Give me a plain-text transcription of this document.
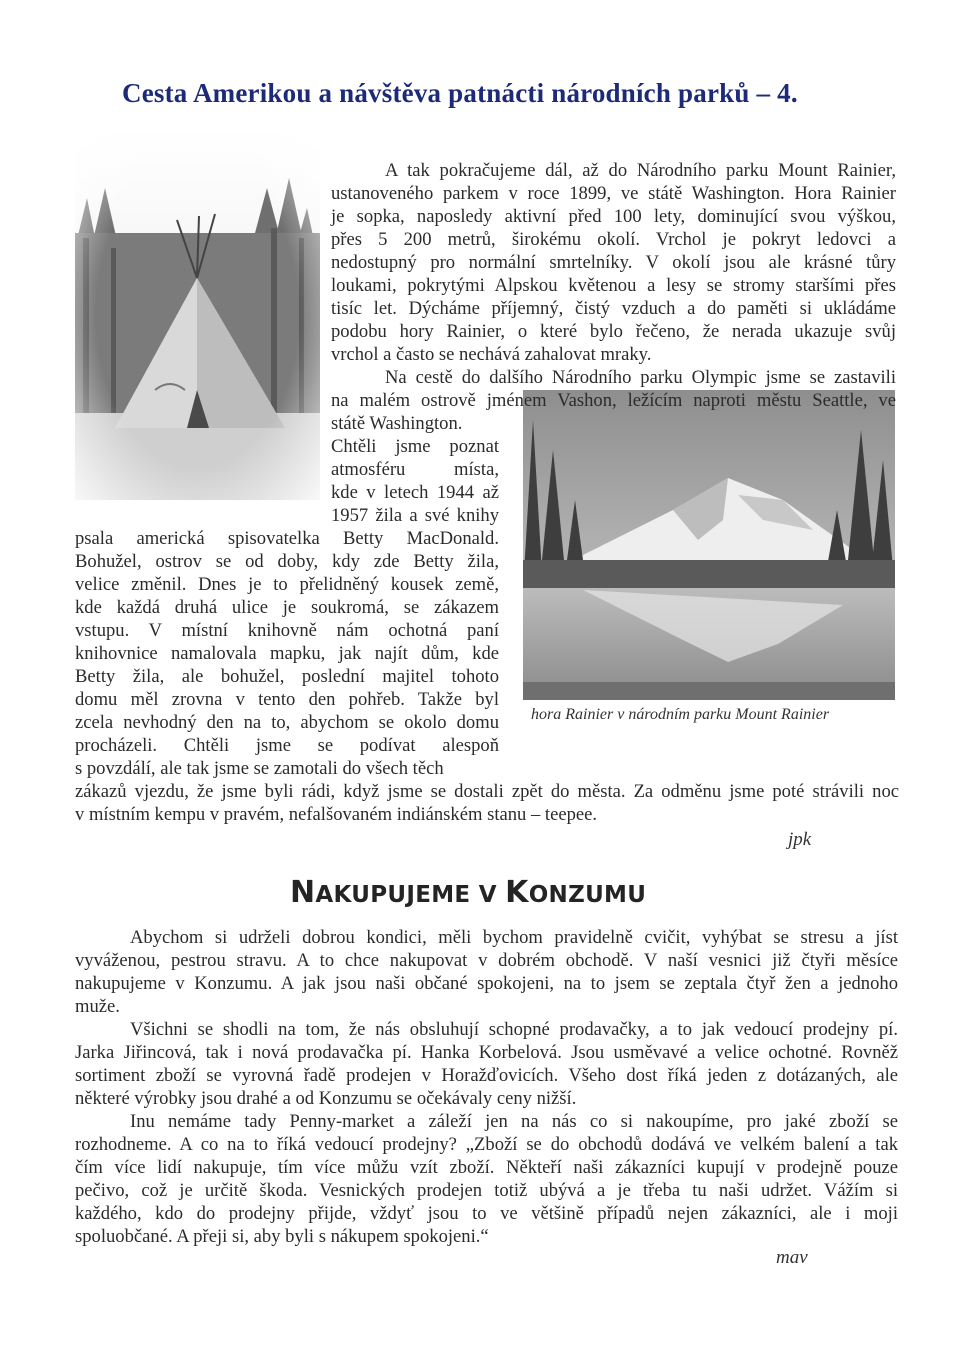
Cesta Amerikou a návštěva patnácti národních parků – 4.
A tak pokračujeme dál, až do Národního parku Mount Rainier,
ustanoveného parkem v roce 1899, ve státě Washington. Hora Rainier
je sopka, naposledy aktivní před 100 lety, dominující svou výškou,
přes 5 200 metrů, širokému okolí. Vrchol je pokryt ledovci a
nedostupný pro normální smrtelníky. V okolí jsou ale krásné tůry
loukami, pokrytými Alpskou květenou a lesy se stromy staršími přes
tisíc let. Dýcháme příjemný, čistý vzduch a do paměti si ukládáme
podobu hory Rainier, o které bylo řečeno, že nerada ukazuje svůj
vrchol a často se nechává zahalovat mraky.
Na cestě do dalšího Národního parku Olympic jsme se zastavili
na malém ostrově jménem Vashon, ležícím naproti městu Seattle, ve
státě Washington.
Chtěli jsme poznat
atmosféru místa,
kde v letech 1944 až
1957 žila a své knihy
psala americká spisovatelka Betty MacDonald.
Bohužel, ostrov se od doby, kdy zde Betty žila,
velice změnil. Dnes je to přelidněný kousek země,
kde každá druhá ulice je soukromá, se zákazem
vstupu. V místní knihovně nám ochotná paní
knihovnice namalovala mapku, jak najít dům, kde
Betty žila, ale bohužel, poslední majitel tohoto
domu měl zrovna v tento den pohřeb. Takže byl
zcela nevhodný den na to, abychom se okolo domu
procházeli. Chtěli jsme se podívat alespoň
s povzdálí, ale tak jsme se zamotali do všech těch
zákazů vjezdu, že jsme byli rádi, když jsme se dostali zpět do města. Za odměnu jsme poté strávili noc
v místním kempu v pravém, nefalšovaném indiánském stanu – teepee.
hora Rainier v národním parku Mount Rainier
jpk
NAKUPUJEME V KONZUMU
Abychom si udrželi dobrou kondici, měli bychom pravidelně cvičit, vyhýbat se stresu a jíst
vyváženou, pestrou stravu. A to chce nakupovat v dobrém obchodě. V naší vesnici již čtyři měsíce
nakupujeme v Konzumu. A jak jsou naši občané spokojeni, na to jsem se zeptala čtyř žen a jednoho
muže.
Všichni se shodli na tom, že nás obsluhují schopné prodavačky, a to jak vedoucí prodejny pí.
Jarka Jiřincová, tak i nová prodavačka pí. Hanka Korbelová. Jsou usměvavé a velice ochotné. Rovněž
sortiment zboží se vyrovná řadě prodejen v Horažďovicích. Všeho dost říká jeden z dotázaných, ale
některé výrobky jsou drahé a od Konzumu se očekávaly ceny nižší.
Inu nemáme tady Penny-market a záleží jen na nás co si nakoupíme, pro jaké zboží se
rozhodneme. A co na to říká vedoucí prodejny? „Zboží se do obchodů dodává ve velkém balení a tak
čím více lidí nakupuje, tím více můžu vzít zboží. Někteří naši zákazníci kupují v prodejně pouze
pečivo, což je určitě škoda. Vesnických prodejen totiž ubývá a je třeba tu naši udržet. Vážím si
každého, kdo do prodejny přijde, vždyť jsou to ve většině případů nejen zákazníci, ale i moji
spoluobčané. A přeji si, aby byli s nákupem spokojeni.“
mav
